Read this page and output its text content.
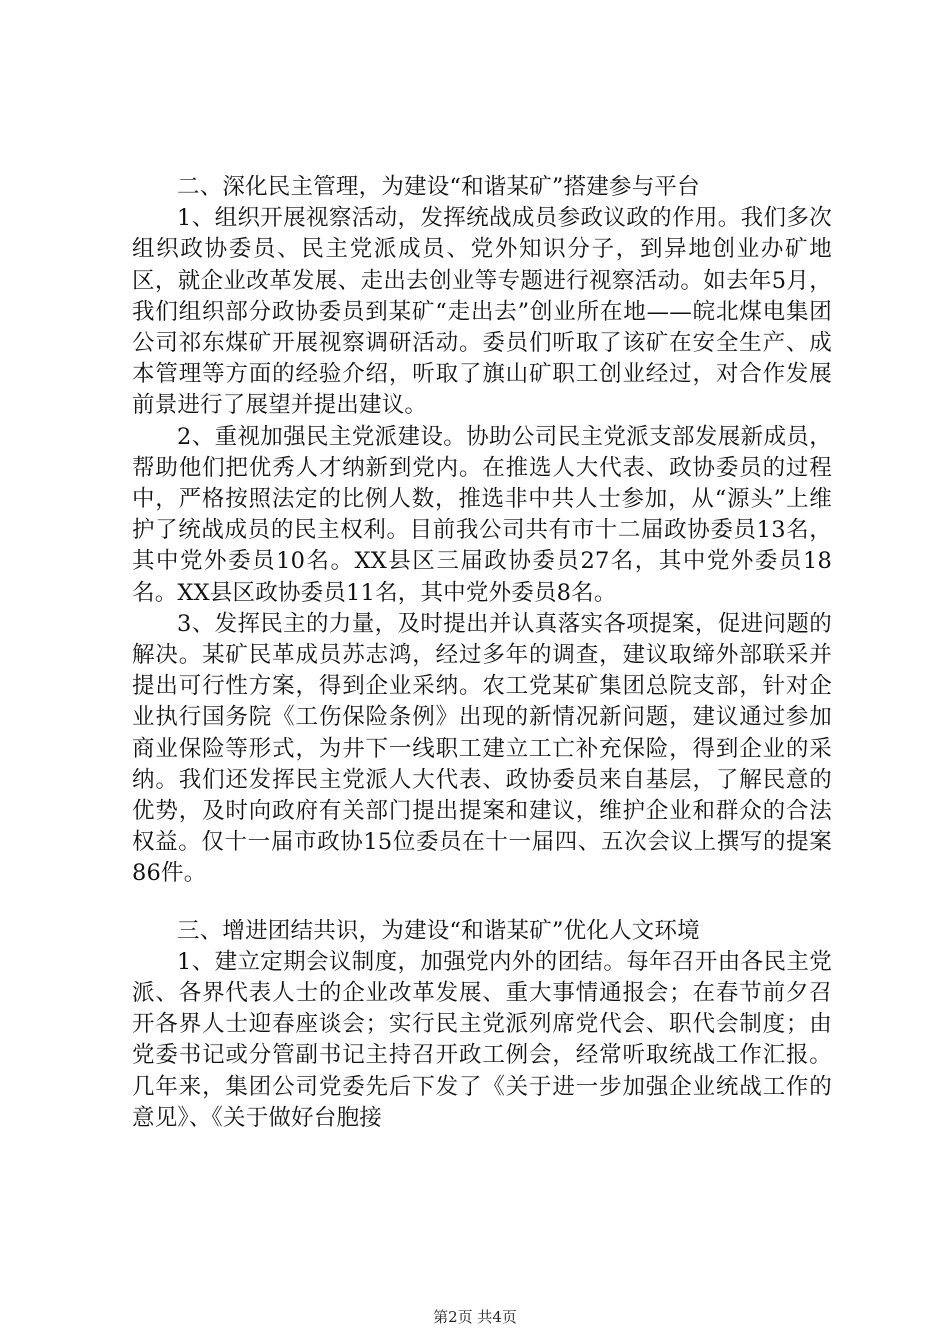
二、深化民主管理，为建设“和谐某矿”搭建参与平台

1、组织开展视察活动，发挥统战成员参政议政的作用。我们多次组织政协委员、民主党派成员、党外知识分子，到异地创业办矿地区，就企业改革发展、走出去创业等专题进行视察活动。如去年5月，我们组织部分政协委员到某矿“走出去”创业所在地——皖北煤电集团公司祁东煤矿开展视察调研活动。委员们听取了该矿在安全生产、成本管理等方面的经验介绍，听取了旗山矿职工创业经过，对合作发展前景进行了展望并提出建议。

2、重视加强民主党派建设。协助公司民主党派支部发展新成员，帮助他们把优秀人才纳新到党内。在推选人大代表、政协委员的过程中，严格按照法定的比例人数，推选非中共人士参加，从“源头”上维护了统战成员的民主权利。目前我公司共有市十二届政协委员13名，其中党外委员10名。XX县区三届政协委员27名，其中党外委员18名。XX县区政协委员11名，其中党外委员8名。

3、发挥民主的力量，及时提出并认真落实各项提案，促进问题的解决。某矿民革成员苏志鸿，经过多年的调查，建议取缔外部联采并提出可行性方案，得到企业采纳。农工党某矿集团总院支部，针对企业执行国务院《工伤保险条例》出现的新情况新问题，建议通过参加商业保险等形式，为井下一线职工建立工亡补充保险，得到企业的采纳。我们还发挥民主党派人大代表、政协委员来自基层，了解民意的优势，及时向政府有关部门提出提案和建议，维护企业和群众的合法权益。仅十一届市政协15位委员在十一届四、五次会议上撰写的提案86件。

三、增进团结共识，为建设“和谐某矿”优化人文环境

1、建立定期会议制度，加强党内外的团结。每年召开由各民主党派、各界代表人士的企业改革发展、重大事情通报会；在春节前夕召开各界人士迎春座谈会；实行民主党派列席党代会、职代会制度；由党委书记或分管副书记主持召开政工例会，经常听取统战工作汇报。几年来，集团公司党委先后下发了《关于进一步加强企业统战工作的意见》、《关于做好台胞接

第2页 共4页
